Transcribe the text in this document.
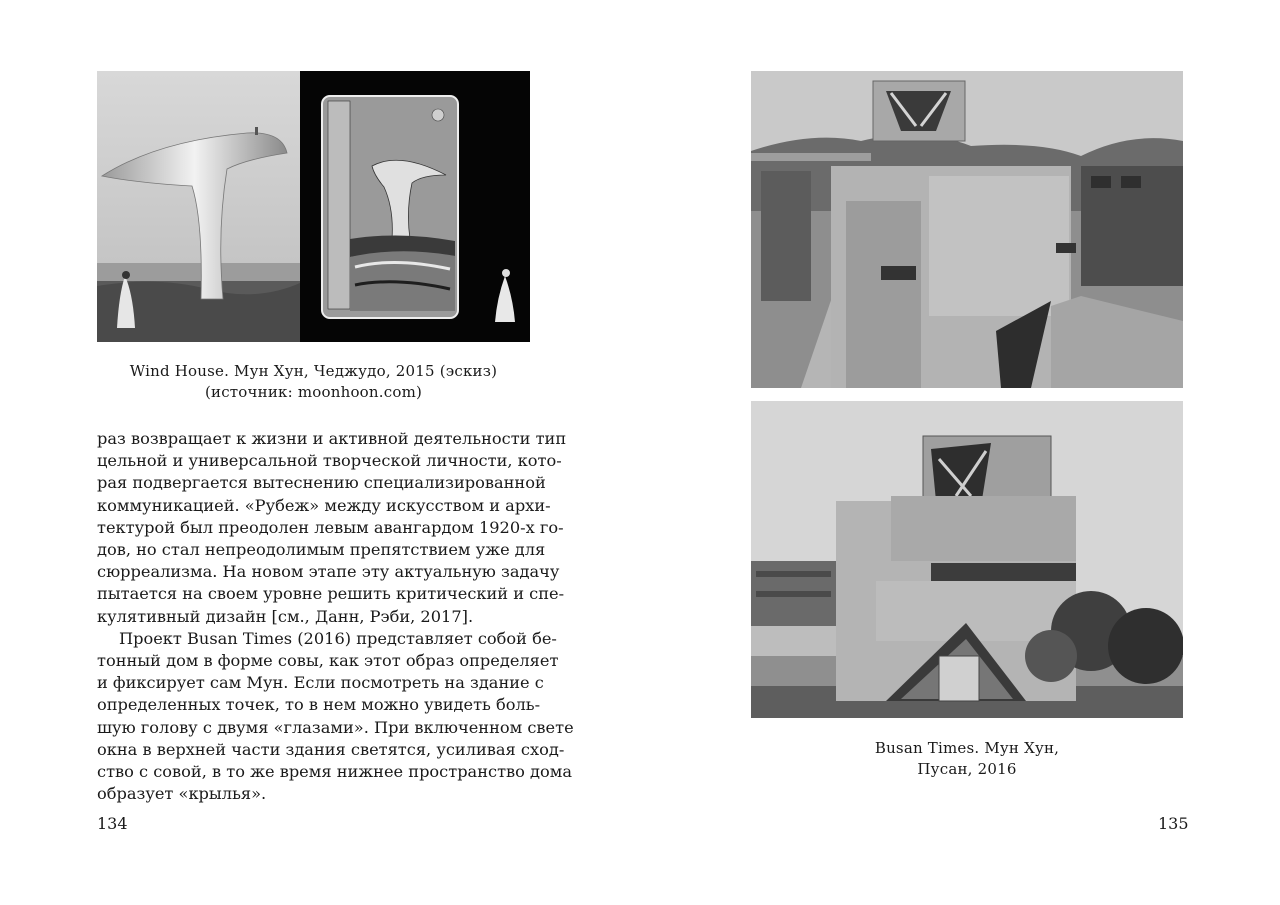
Wind House. Мун Хун, Чеджудо, 2015 (эскиз)
(источник: moonhoon.com)
раз возвращает к жизни и активной деятельности тип
цельной и универсальной творческой личности, кото-
рая подвергается вытеснению специализированной
коммуникацией. «Рубеж» между искусством и архи-
тектурой был преодолен левым авангардом 1920-х го-
дов, но стал непреодолимым препятствием уже для
сюрреализма. На новом этапе эту актуальную задачу
пытается на своем уровне решить критический и спе-
кулятивный дизайн [см., Данн, Рэби, 2017].
Проект Busan Times (2016) представляет собой бе-
тонный дом в форме совы, как этот образ определяет
и фиксирует сам Мун. Если посмотреть на здание с
определенных точек, то в нем можно увидеть боль-
шую голову с двумя «глазами». При включенном свете
окна в верхней части здания светятся, усиливая сход-
ство с совой, в то же время нижнее пространство дома
образует «крылья».
134
Busan Times. Мун Хун,
Пусан, 2016
135
